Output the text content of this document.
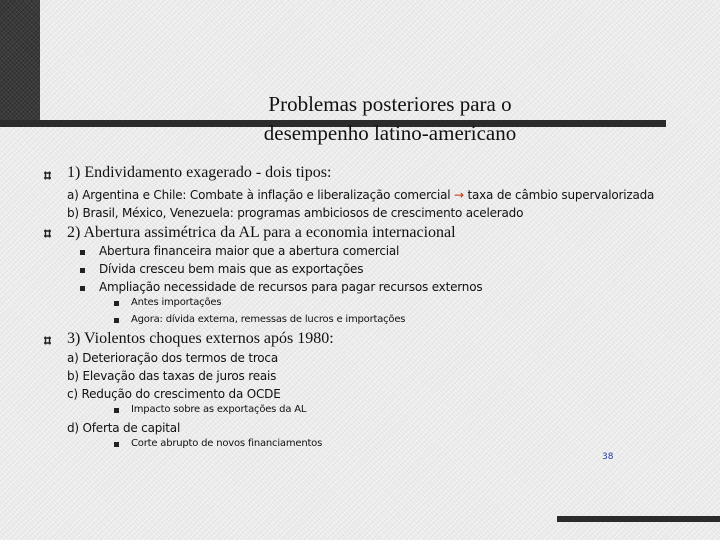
Problemas posteriores para o
desempenho latino-americano
1) Endividamento exagerado - dois tipos:
a) Argentina e Chile: Combate à inflação e liberalização comercial → taxa de câmbio supervalorizada
b) Brasil, México, Venezuela: programas ambiciosos de crescimento acelerado
2) Abertura assimétrica da AL para a economia internacional
Abertura financeira maior que a abertura comercial
Dívida cresceu bem mais que as exportações
Ampliação necessidade de recursos para pagar recursos externos
Antes importações
Agora: dívida externa, remessas de lucros e importações
3) Violentos choques externos após 1980:
a) Deterioração dos termos de troca
b) Elevação das taxas de juros reais
c) Redução do crescimento da OCDE
Impacto sobre as exportações da AL
d) Oferta de capital
Corte abrupto de novos financiamentos
38
